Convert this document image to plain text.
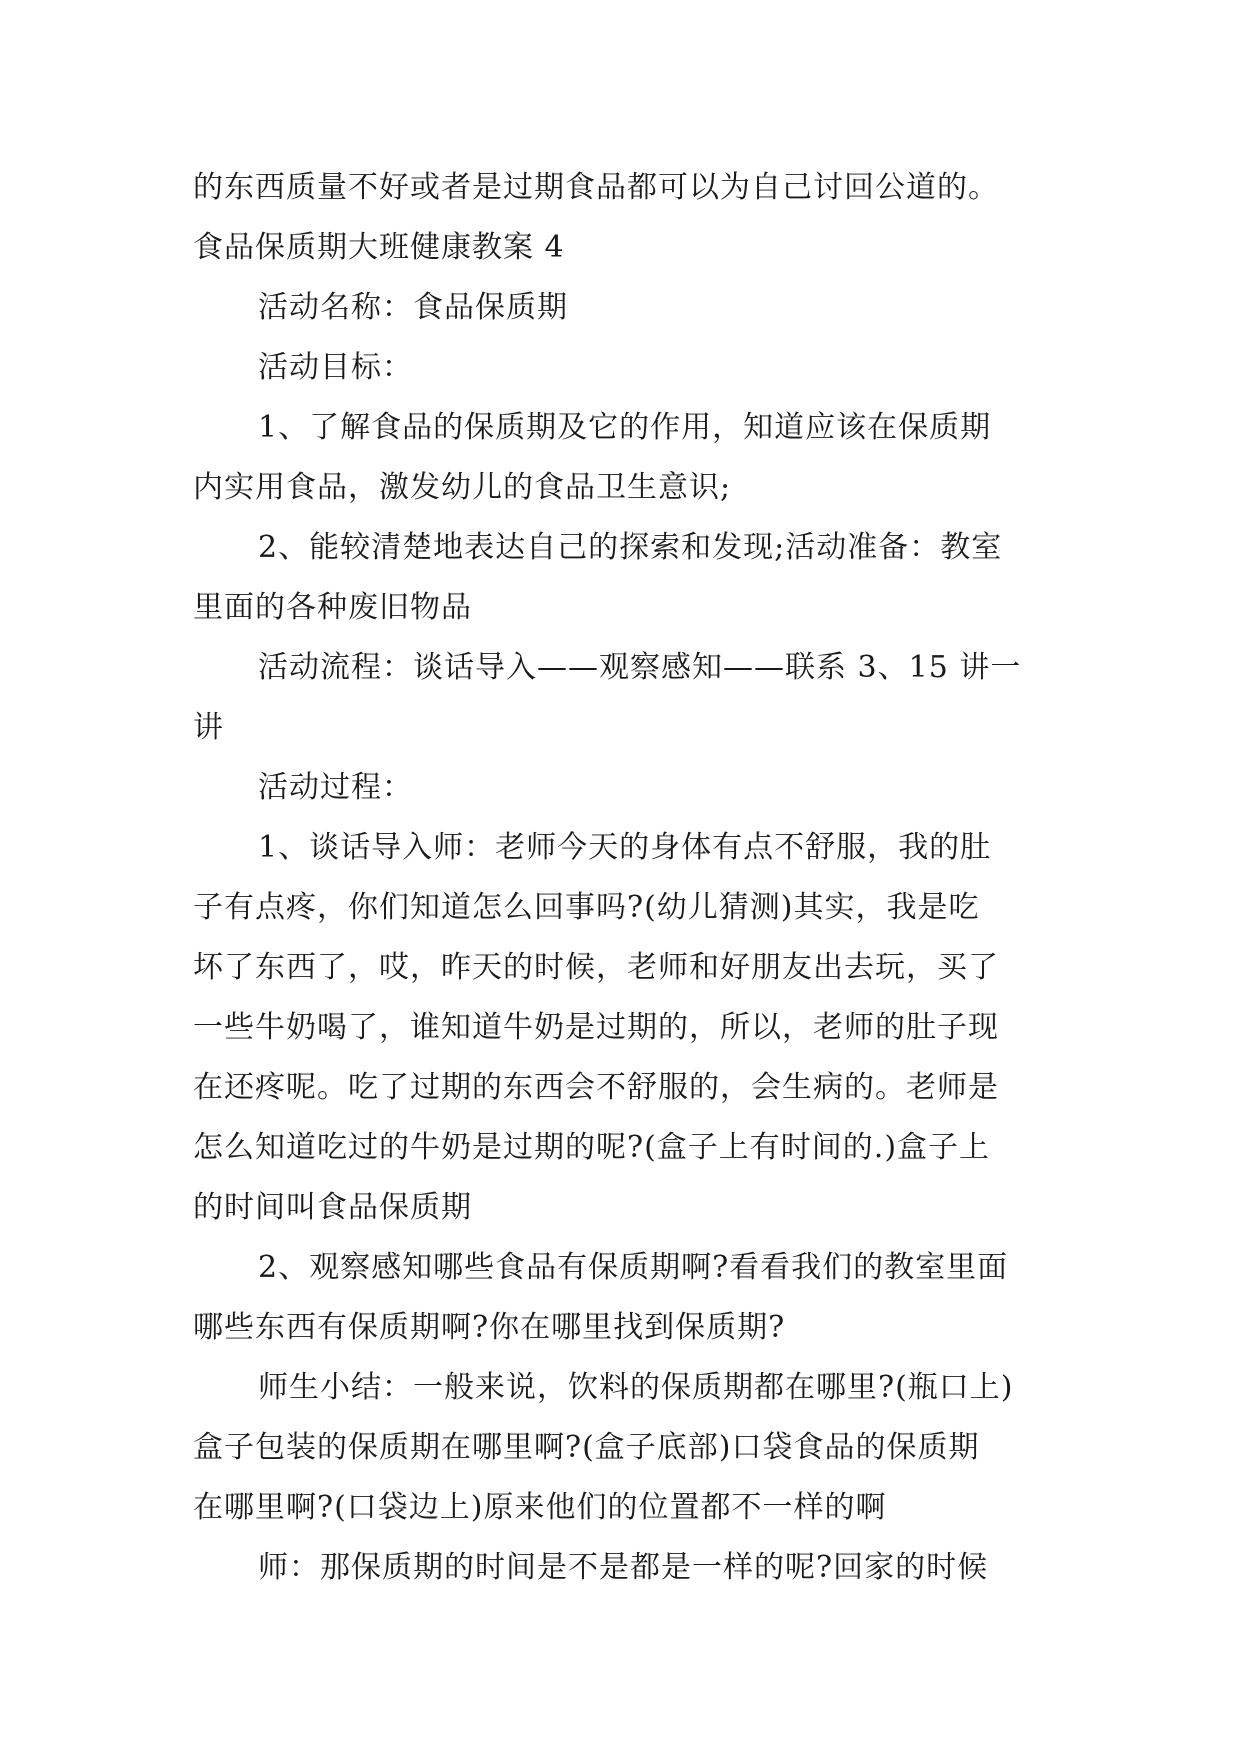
的东西质量不好或者是过期食品都可以为自己讨回公道的。
食品保质期大班健康教案 4
活动名称：食品保质期
活动目标：
1、了解食品的保质期及它的作用，知道应该在保质期
内实用食品，激发幼儿的食品卫生意识;
2、能较清楚地表达自己的探索和发现;活动准备：教室
里面的各种废旧物品
活动流程：谈话导入——观察感知——联系 3、15 讲一
讲
活动过程：
1、谈话导入师：老师今天的身体有点不舒服，我的肚
子有点疼，你们知道怎么回事吗?(幼儿猜测)其实，我是吃
坏了东西了，哎，昨天的时候，老师和好朋友出去玩，买了
一些牛奶喝了，谁知道牛奶是过期的，所以，老师的肚子现
在还疼呢。吃了过期的东西会不舒服的，会生病的。老师是
怎么知道吃过的牛奶是过期的呢?(盒子上有时间的.)盒子上
的时间叫食品保质期
2、观察感知哪些食品有保质期啊?看看我们的教室里面
哪些东西有保质期啊?你在哪里找到保质期?
师生小结：一般来说，饮料的保质期都在哪里?(瓶口上)
盒子包装的保质期在哪里啊?(盒子底部)口袋食品的保质期
在哪里啊?(口袋边上)原来他们的位置都不一样的啊
师：那保质期的时间是不是都是一样的呢?回家的时候
